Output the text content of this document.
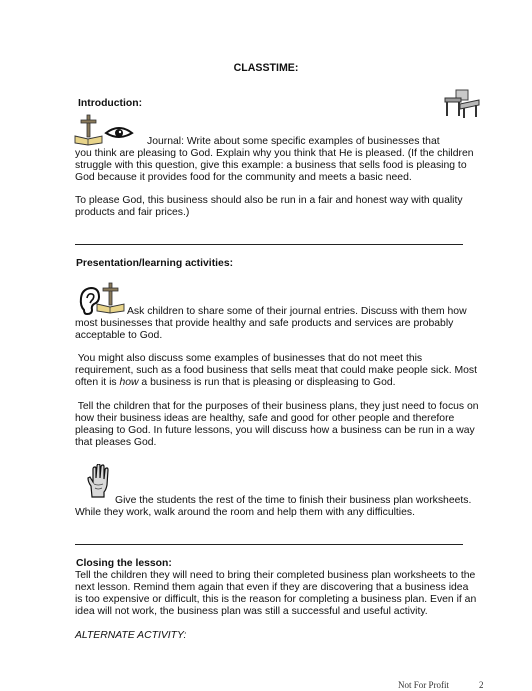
CLASSTIME:
Introduction:
Journal: Write about some specific examples of businesses that
you think are pleasing to God. Explain why you think that He is pleased. (If the children
struggle with this question, give this example: a business that sells food is pleasing to
God because it provides food for the community and meets a basic need.
To please God, this business should also be run in a fair and honest way with quality
products and fair prices.)
Presentation/learning activities:
Ask children to share some of their journal entries. Discuss with them how
most businesses that provide healthy and safe products and services are probably
acceptable to God.
You might also discuss some examples of businesses that do not meet this
requirement, such as a food business that sells meat that could make people sick. Most
often it is how a business is run that is pleasing or displeasing to God.
Tell the children that for the purposes of their business plans, they just need to focus on
how their business ideas are healthy, safe and good for other people and therefore
pleasing to God. In future lessons, you will discuss how a business can be run in a way
that pleases God.
Give the students the rest of the time to finish their business plan worksheets.
While they work, walk around the room and help them with any difficulties.
Closing the lesson:
Tell the children they will need to bring their completed business plan worksheets to the
next lesson. Remind them again that even if they are discovering that a business idea
is too expensive or difficult, this is the reason for completing a business plan. Even if an
idea will not work, the business plan was still a successful and useful activity.
ALTERNATE ACTIVITY:
Not For Profit	2
